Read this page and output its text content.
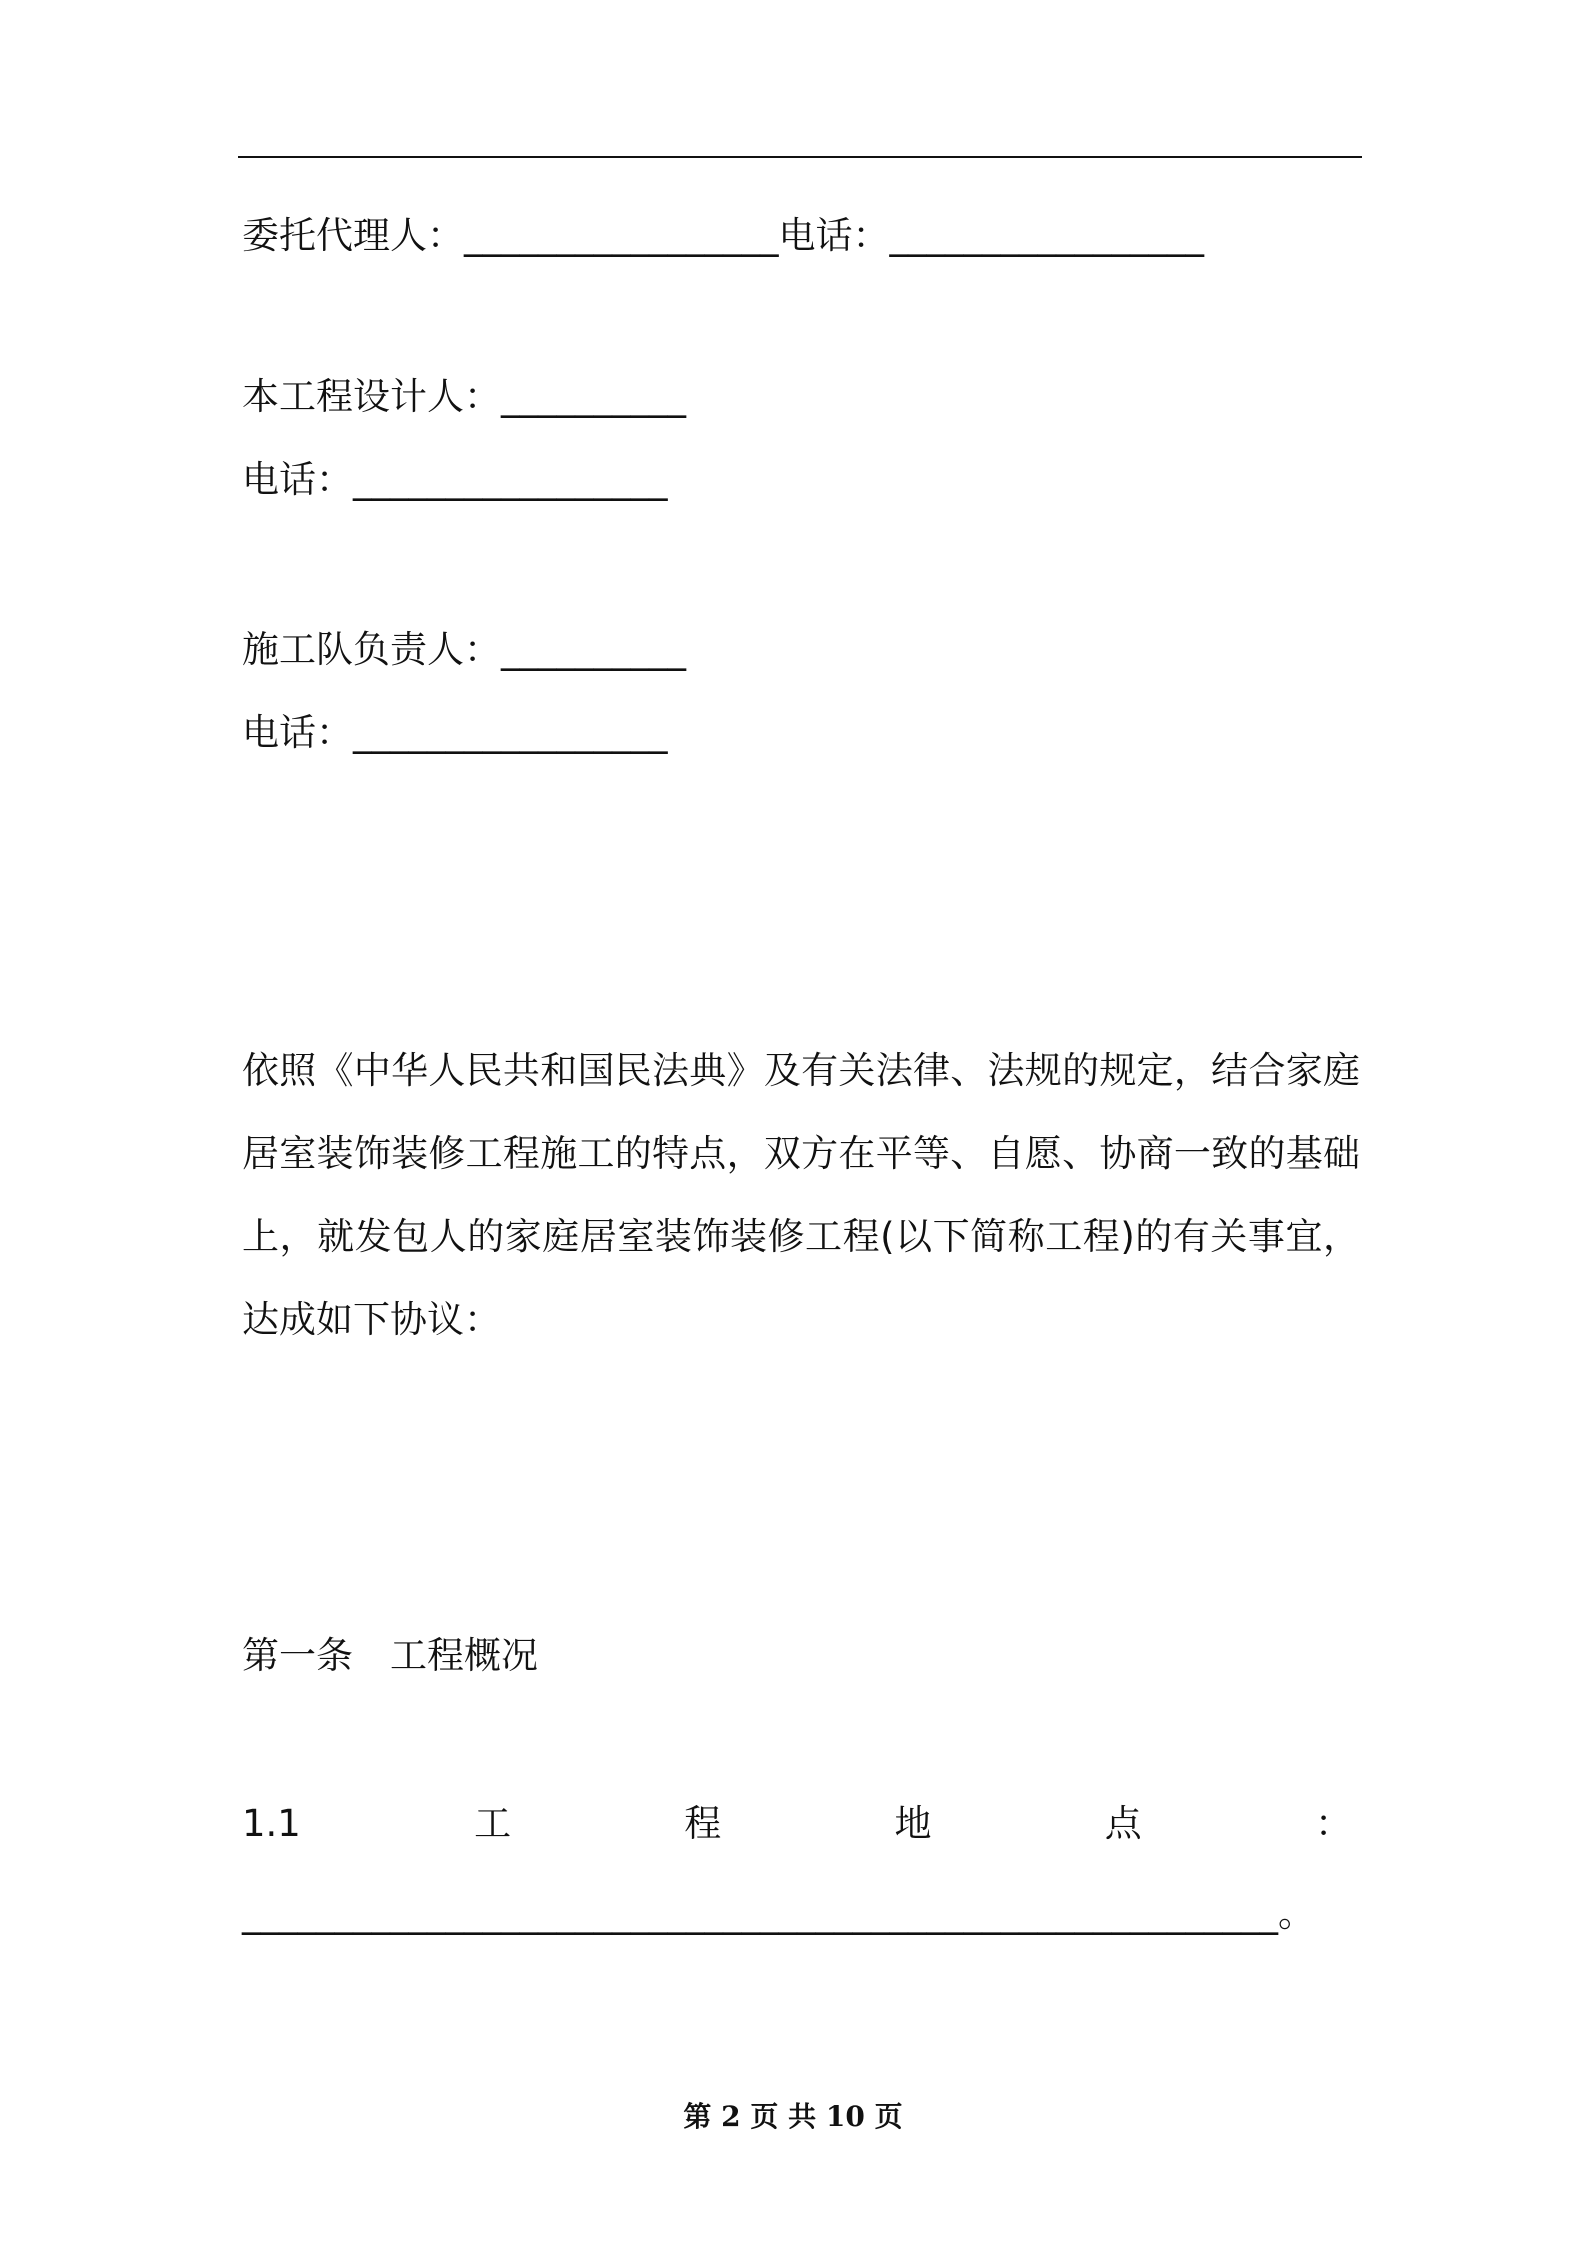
委托代理人：_________________电话：_________________
本工程设计人：__________
电话：_________________
施工队负责人：__________
电话：_________________

依照《中华人民共和国民法典》及有关法律、法规的规定，结合家庭

居室装饰装修工程施工的特点，双方在平等、自愿、协商一致的基础

上，就发包人的家庭居室装饰装修工程(以下简称工程)的有关事宜，

达成如下协议：

第一条　工程概况
1.1	工	程	地	点	：
________________________________________________________。
第 2 页 共 10 页
